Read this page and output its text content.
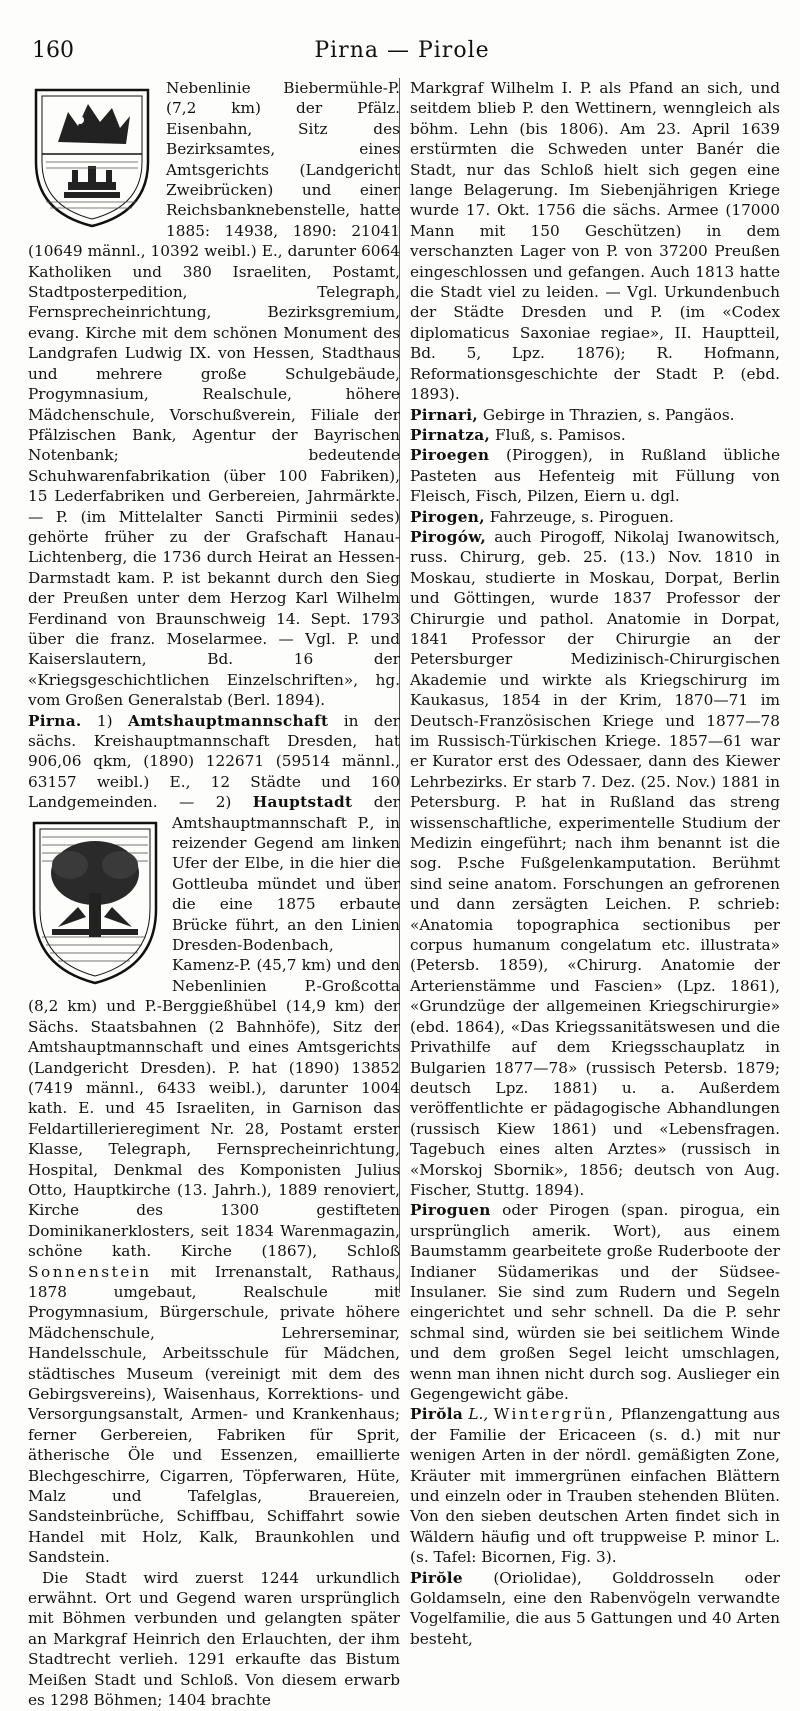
160	Pirna — Pirole

Nebenlinie Biebermühle-P. (7,2 km) der Pfälz. Eisenbahn, Sitz des Bezirksamtes, eines Amtsgerichts (Landgericht Zweibrücken) und einer Reichsbanknebenstelle, hatte 1885: 14938, 1890: 21041 (10649 männl., 10392 weibl.) E., darunter 6064 Katholiken und 380 Israeliten, Postamt, Stadtposterpedition, Telegraph, Fernsprecheinrichtung, Bezirksgremium, evang. Kirche mit dem schönen Monument des Landgrafen Ludwig IX. von Hessen, Stadthaus und mehrere große Schulgebäude, Progymnasium, Realschule, höhere Mädchenschule, Vorschußverein, Filiale der Pfälzischen Bank, Agentur der Bayrischen Notenbank; bedeutende Schuhwarenfabrikation (über 100 Fabriken), 15 Lederfabriken und Gerbereien, Jahrmärkte. — P. (im Mittelalter Sancti Pirminii sedes) gehörte früher zu der Grafschaft Hanau-Lichtenberg, die 1736 durch Heirat an Hessen-Darmstadt kam. P. ist bekannt durch den Sieg der Preußen unter dem Herzog Karl Wilhelm Ferdinand von Braunschweig 14. Sept. 1793 über die franz. Moselarmee. — Vgl. P. und Kaiserslautern, Bd. 16 der «Kriegsgeschichtlichen Einzelschriften», hg. vom Großen Generalstab (Berl. 1894).

Pirna. 1) Amtshauptmannschaft in der sächs. Kreishauptmannschaft Dresden, hat 906,06 qkm, (1890) 122671 (59514 männl., 63157 weibl.) E., 12 Städte und 160 Landgemeinden. — 2) Hauptstadt der Amtshauptmannschaft P., in reizender Gegend am linken Ufer der Elbe, in die hier die Gottleuba mündet und über die eine 1875 erbaute Brücke führt, an den Linien Dresden-Bodenbach, Kamenz-P. (45,7 km) und den Nebenlinien P.-Großcotta (8,2 km) und P.-Berggießhübel (14,9 km) der Sächs. Staatsbahnen (2 Bahnhöfe), Sitz der Amtshauptmannschaft und eines Amtsgerichts (Landgericht Dresden). P. hat (1890) 13852 (7419 männl., 6433 weibl.), darunter 1004 kath. E. und 45 Israeliten, in Garnison das Feldartillerieregiment Nr. 28, Postamt erster Klasse, Telegraph, Fernsprecheinrichtung, Hospital, Denkmal des Komponisten Julius Otto, Hauptkirche (13. Jahrh.), 1889 renoviert, Kirche des 1300 gestifteten Dominikanerklosters, seit 1834 Warenmagazin, schöne kath. Kirche (1867), Schloß Sonnenstein mit Irrenanstalt, Rathaus, 1878 umgebaut, Realschule mit Progymnasium, Bürgerschule, private höhere Mädchenschule, Lehrerseminar, Handelsschule, Arbeitsschule für Mädchen, städtisches Museum (vereinigt mit dem des Gebirgsvereins), Waisenhaus, Korrektions- und Versorgungsanstalt, Armen- und Krankenhaus; ferner Gerbereien, Fabriken für Sprit, ätherische Öle und Essenzen, emaillierte Blechgeschirre, Cigarren, Töpferwaren, Hüte, Malz und Tafelglas, Brauereien, Sandsteinbrüche, Schiffbau, Schiffahrt sowie Handel mit Holz, Kalk, Braunkohlen und Sandstein.

Die Stadt wird zuerst 1244 urkundlich erwähnt. Ort und Gegend waren ursprünglich mit Böhmen verbunden und gelangten später an Markgraf Heinrich den Erlauchten, der ihm Stadtrecht verlieh. 1291 erkaufte das Bistum Meißen Stadt und Schloß. Von diesem erwarb es 1298 Böhmen; 1404 brachte

Markgraf Wilhelm I. P. als Pfand an sich, und seitdem blieb P. den Wettinern, wenngleich als böhm. Lehn (bis 1806). Am 23. April 1639 erstürmten die Schweden unter Banér die Stadt, nur das Schloß hielt sich gegen eine lange Belagerung. Im Siebenjährigen Kriege wurde 17. Okt. 1756 die sächs. Armee (17000 Mann mit 150 Geschützen) in dem verschanzten Lager von P. von 37200 Preußen eingeschlossen und gefangen. Auch 1813 hatte die Stadt viel zu leiden. — Vgl. Urkundenbuch der Städte Dresden und P. (im «Codex diplomaticus Saxoniae regiae», II. Hauptteil, Bd. 5, Lpz. 1876); R. Hofmann, Reformationsgeschichte der Stadt P. (ebd. 1893).

Pirnari, Gebirge in Thrazien, s. Pangäos.

Pirnatza, Fluß, s. Pamisos.

Piroegen (Piroggen), in Rußland übliche Pasteten aus Hefenteig mit Füllung von Fleisch, Fisch, Pilzen, Eiern u. dgl.

Pirogen, Fahrzeuge, s. Piroguen.

Pirogów, auch Pirogoff, Nikolaj Iwanowitsch, russ. Chirurg, geb. 25. (13.) Nov. 1810 in Moskau, studierte in Moskau, Dorpat, Berlin und Göttingen, wurde 1837 Professor der Chirurgie und pathol. Anatomie in Dorpat, 1841 Professor der Chirurgie an der Petersburger Medizinisch-Chirurgischen Akademie und wirkte als Kriegschirurg im Kaukasus, 1854 in der Krim, 1870—71 im Deutsch-Französischen Kriege und 1877—78 im Russisch-Türkischen Kriege. 1857—61 war er Kurator erst des Odessaer, dann des Kiewer Lehrbezirks. Er starb 7. Dez. (25. Nov.) 1881 in Petersburg. P. hat in Rußland das streng wissenschaftliche, experimentelle Studium der Medizin eingeführt; nach ihm benannt ist die sog. P.sche Fußgelenkamputation. Berühmt sind seine anatom. Forschungen an gefrorenen und dann zersägten Leichen. P. schrieb: «Anatomia topographica sectionibus per corpus humanum congelatum etc. illustrata» (Petersb. 1859), «Chirurg. Anatomie der Arterienstämme und Fascien» (Lpz. 1861), «Grundzüge der allgemeinen Kriegschirurgie» (ebd. 1864), «Das Kriegssanitätswesen und die Privathilfe auf dem Kriegsschauplatz in Bulgarien 1877—78» (russisch Petersb. 1879; deutsch Lpz. 1881) u. a. Außerdem veröffentlichte er pädagogische Abhandlungen (russisch Kiew 1861) und «Lebensfragen. Tagebuch eines alten Arztes» (russisch in «Morskoj Sbornik», 1856; deutsch von Aug. Fischer, Stuttg. 1894).

Piroguen oder Pirogen (span. pirogua, ein ursprünglich amerik. Wort), aus einem Baumstamm gearbeitete große Ruderboote der Indianer Südamerikas und der Südsee-Insulaner. Sie sind zum Rudern und Segeln eingerichtet und sehr schnell. Da die P. sehr schmal sind, würden sie bei seitlichem Winde und dem großen Segel leicht umschlagen, wenn man ihnen nicht durch sog. Auslieger ein Gegengewicht gäbe.

Pirŏla L., Wintergrün, Pflanzengattung aus der Familie der Ericaceen (s. d.) mit nur wenigen Arten in der nördl. gemäßigten Zone, Kräuter mit immergrünen einfachen Blättern und einzeln oder in Trauben stehenden Blüten. Von den sieben deutschen Arten findet sich in Wäldern häufig und oft truppweise P. minor L. (s. Tafel: Bicornen, Fig. 3).

Pirŏle (Oriolidae), Golddrosseln oder Goldamseln, eine den Rabenvögeln verwandte Vogelfamilie, die aus 5 Gattungen und 40 Arten besteht,
